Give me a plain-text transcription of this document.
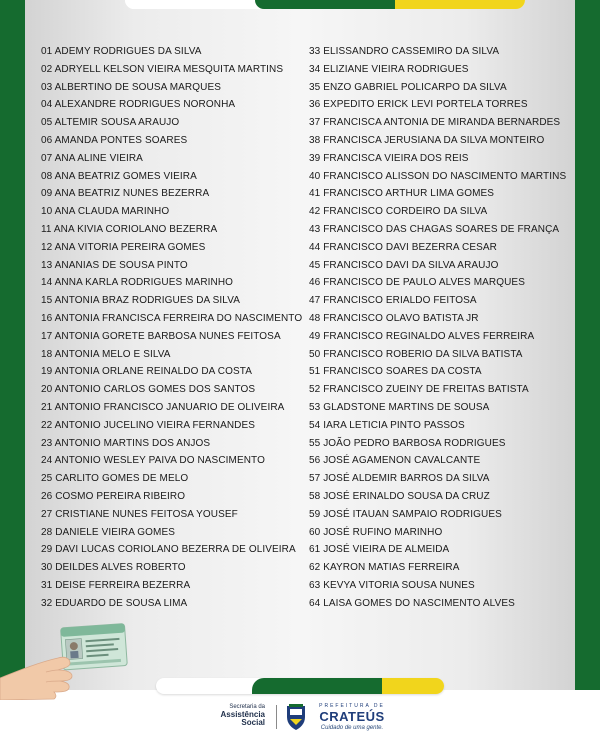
01 ADEMY RODRIGUES DA SILVA
02 ADRYELL KELSON VIEIRA MESQUITA MARTINS
03 ALBERTINO DE SOUSA MARQUES
04 ALEXANDRE RODRIGUES NORONHA
05 ALTEMIR SOUSA ARAUJO
06 AMANDA PONTES SOARES
07 ANA ALINE VIEIRA
08 ANA BEATRIZ GOMES VIEIRA
09 ANA BEATRIZ NUNES BEZERRA
10 ANA CLAUDA MARINHO
11 ANA KIVIA CORIOLANO BEZERRA
12 ANA VITORIA PEREIRA GOMES
13 ANANIAS DE SOUSA PINTO
14 ANNA KARLA RODRIGUES MARINHO
15 ANTONIA BRAZ RODRIGUES DA SILVA
16 ANTONIA FRANCISCA FERREIRA DO NASCIMENTO
17 ANTONIA GORETE BARBOSA NUNES FEITOSA
18 ANTONIA MELO E SILVA
19 ANTONIA ORLANE REINALDO DA COSTA
20 ANTONIO CARLOS GOMES DOS SANTOS
21 ANTONIO FRANCISCO JANUARIO DE OLIVEIRA
22 ANTONIO JUCELINO VIEIRA FERNANDES
23 ANTONIO MARTINS DOS ANJOS
24 ANTONIO WESLEY PAIVA DO NASCIMENTO
25 CARLITO GOMES DE MELO
26 COSMO PEREIRA RIBEIRO
27 CRISTIANE NUNES FEITOSA YOUSEF
28 DANIELE VIEIRA GOMES
29 DAVI LUCAS CORIOLANO BEZERRA DE OLIVEIRA
30 DEILDES ALVES ROBERTO
31 DEISE FERREIRA BEZERRA
32 EDUARDO DE SOUSA LIMA
33 ELISSANDRO CASSEMIRO DA SILVA
34 ELIZIANE VIEIRA RODRIGUES
35 ENZO GABRIEL POLICARPO DA SILVA
36 EXPEDITO ERICK LEVI PORTELA TORRES
37 FRANCISCA ANTONIA DE MIRANDA BERNARDES
38 FRANCISCA JERUSIANA DA SILVA MONTEIRO
39 FRANCISCA VIEIRA DOS REIS
40 FRANCISCO ALISSON DO NASCIMENTO MARTINS
41 FRANCISCO ARTHUR LIMA GOMES
42 FRANCISCO CORDEIRO DA SILVA
43 FRANCISCO DAS CHAGAS SOARES DE FRANÇA
44 FRANCISCO DAVI BEZERRA CESAR
45 FRANCISCO DAVI DA SILVA ARAUJO
46 FRANCISCO DE PAULO ALVES MARQUES
47 FRANCISCO ERIALDO FEITOSA
48 FRANCISCO OLAVO BATISTA JR
49 FRANCISCO REGINALDO ALVES FERREIRA
50 FRANCISCO ROBERIO DA SILVA BATISTA
51 FRANCISCO SOARES DA COSTA
52 FRANCISCO ZUEINY DE FREITAS BATISTA
53 GLADSTONE MARTINS DE SOUSA
54 IARA LETICIA PINTO PASSOS
55 JOÃO PEDRO BARBOSA RODRIGUES
56 JOSÉ AGAMENON CAVALCANTE
57 JOSÉ ALDEMIR BARROS DA SILVA
58 JOSÉ ERINALDO SOUSA DA CRUZ
59 JOSÉ ITAUAN SAMPAIO RODRIGUES
60 JOSÉ RUFINO MARINHO
61 JOSÉ VIEIRA DE ALMEIDA
62 KAYRON MATIAS FERREIRA
63 KEVYA VITORIA SOUSA NUNES
64 LAISA GOMES DO NASCIMENTO ALVES
Secretaria da
Assistência
Social
PREFEITURA DE
CRATEÚS
Cuidado de uma gente.
